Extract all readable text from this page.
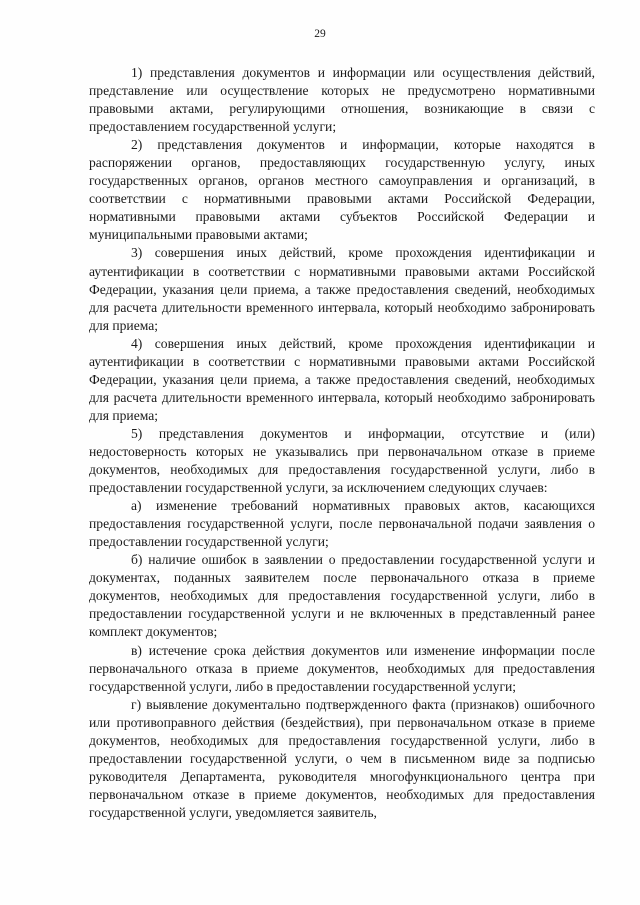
29

1) представления документов и информации или осуществления действий, представление или осуществление которых не предусмотрено нормативными правовыми актами, регулирующими отношения, возникающие в связи с предоставлением государственной услуги;

2) представления документов и информации, которые находятся в распоряжении органов, предоставляющих государственную услугу, иных государственных органов, органов местного самоуправления и организаций, в соответствии с нормативными правовыми актами Российской Федерации, нормативными правовыми актами субъектов Российской Федерации и муниципальными правовыми актами;

3) совершения иных действий, кроме прохождения идентификации и аутентификации в соответствии с нормативными правовыми актами Российской Федерации, указания цели приема, а также предоставления сведений, необходимых для расчета длительности временного интервала, который необходимо забронировать для приема;

4) совершения иных действий, кроме прохождения идентификации и аутентификации в соответствии с нормативными правовыми актами Российской Федерации, указания цели приема, а также предоставления сведений, необходимых для расчета длительности временного интервала, который необходимо забронировать для приема;

5) представления документов и информации, отсутствие и (или) недостоверность которых не указывались при первоначальном отказе в приеме документов, необходимых для предоставления государственной услуги, либо в предоставлении государственной услуги, за исключением следующих случаев:

а) изменение требований нормативных правовых актов, касающихся предоставления государственной услуги, после первоначальной подачи заявления о предоставлении государственной услуги;

б) наличие ошибок в заявлении о предоставлении государственной услуги и документах, поданных заявителем после первоначального отказа в приеме документов, необходимых для предоставления государственной услуги, либо в предоставлении государственной услуги и не включенных в представленный ранее комплект документов;

в) истечение срока действия документов или изменение информации после первоначального отказа в приеме документов, необходимых для предоставления государственной услуги, либо в предоставлении государственной услуги;

г) выявление документально подтвержденного факта (признаков) ошибочного или противоправного действия (бездействия), при первоначальном отказе в приеме документов, необходимых для предоставления государственной услуги, либо в предоставлении государственной услуги, о чем в письменном виде за подписью руководителя Департамента, руководителя многофункционального центра при первоначальном отказе в приеме документов, необходимых для предоставления государственной услуги, уведомляется заявитель,
